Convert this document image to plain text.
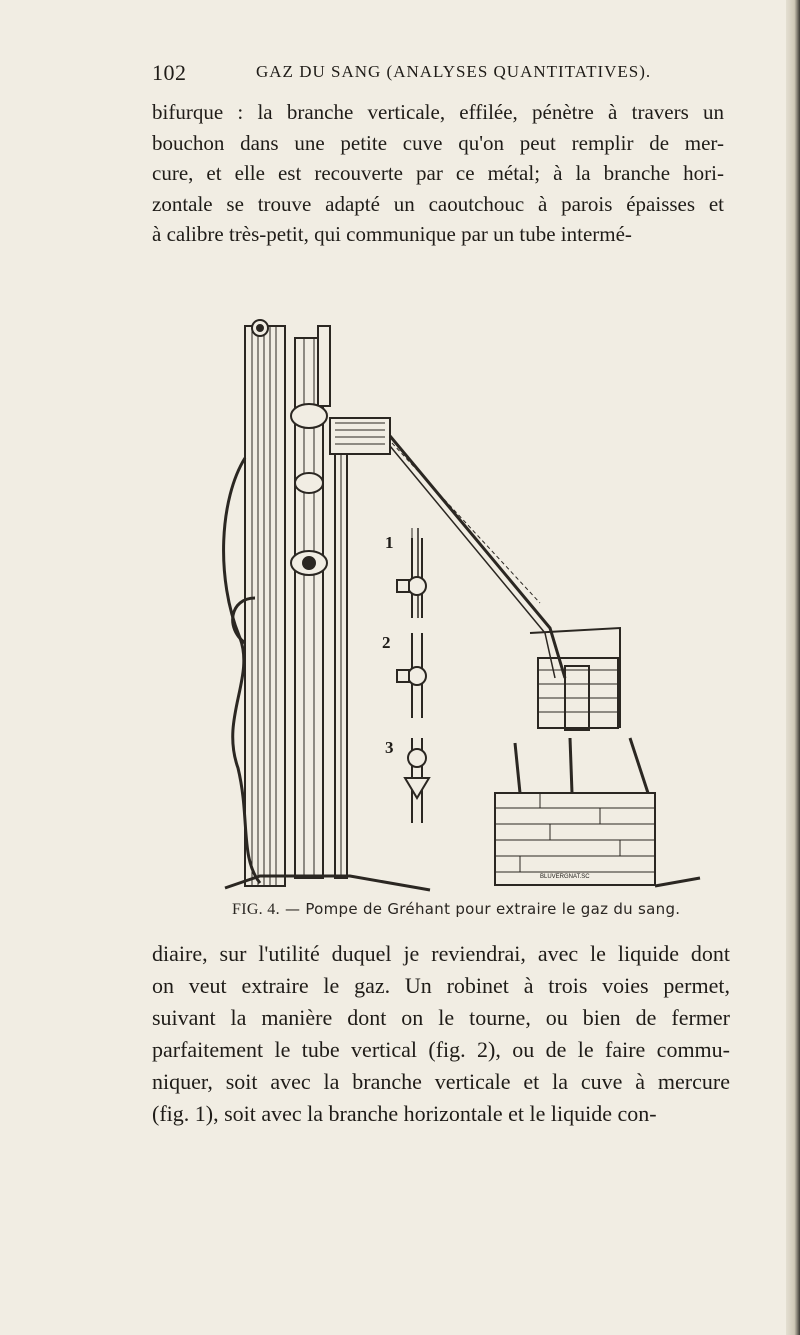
102	GAZ DU SANG (ANALYSES QUANTITATIVES).
bifurque : la branche verticale, effilée, pénètre à travers un
bouchon dans une petite cuve qu'on peut remplir de mer-
cure, et elle est recouverte par ce métal; à la branche hori-
zontale se trouve adapté un caoutchouc à parois épaisses et
à calibre très-petit, qui communique par un tube intermé-
1
2
3
BLUVERGNAT.SC
FIG. 4. — Pompe de Gréhant pour extraire le gaz du sang.
diaire, sur l'utilité duquel je reviendrai, avec le liquide dont
on veut extraire le gaz. Un robinet à trois voies permet,
suivant la manière dont on le tourne, ou bien de fermer
parfaitement le tube vertical (fig. 2), ou de le faire commu-
niquer, soit avec la branche verticale et la cuve à mercure
(fig. 1), soit avec la branche horizontale et le liquide con-
